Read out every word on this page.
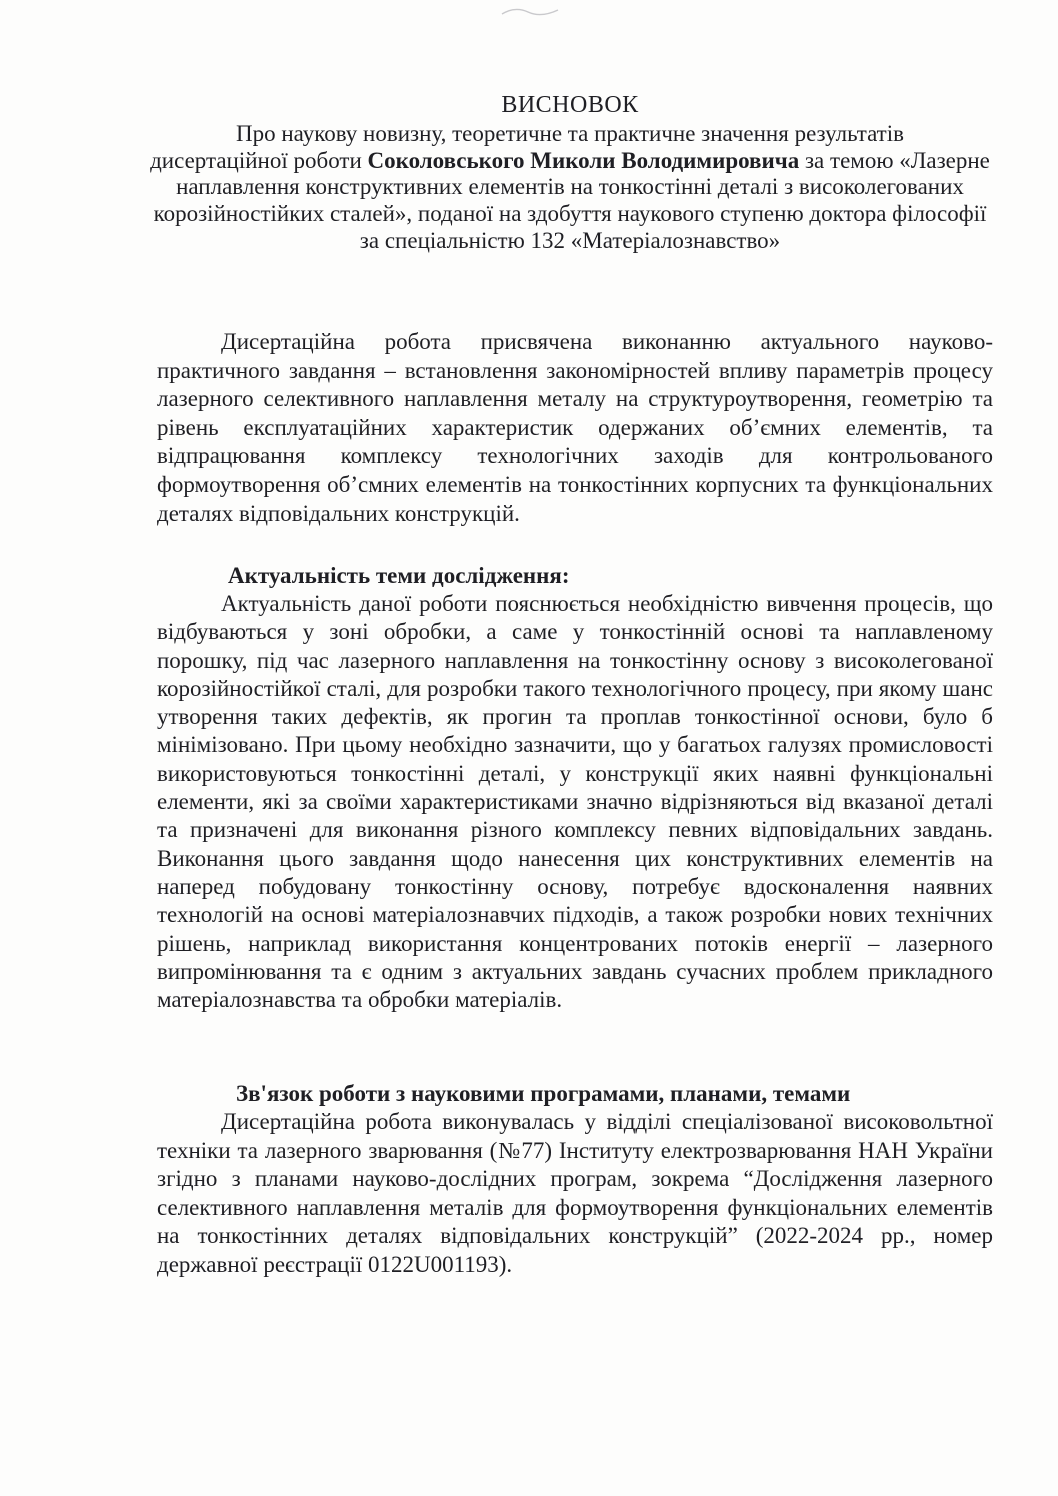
ВИСНОВОК
Про наукову новизну, теоретичне та практичне значення результатів
дисертаційної роботи Соколовського Миколи Володимировича за темою «Лазерне наплавлення конструктивних елементів на тонкостінні деталі з високолегованих корозійностійких сталей», поданої на здобуття наукового ступеню доктора філософії за спеціальністю 132 «Матеріалознавство»

Дисертаційна робота присвячена виконанню актуального науково-практичного завдання – встановлення закономірностей впливу параметрів процесу лазерного селективного наплавлення металу на структуроутворення, геометрію та рівень експлуатаційних характеристик одержаних об’ємних елементів, та відпрацювання комплексу технологічних заходів для контрольованого формоутворення об’смних елементів на тонкостінних корпусних та функціональних деталях відповідальних конструкцій.

Актуальність теми дослідження:

Актуальність даної роботи пояснюється необхідністю вивчення процесів, що відбуваються у зоні обробки, а саме у тонкостінній основі та наплавленому порошку, під час лазерного наплавлення на тонкостінну основу з високолегованої корозійностійкої сталі, для розробки такого технологічного процесу, при якому шанс утворення таких дефектів, як прогин та проплав тонкостінної основи, було б мінімізовано. При цьому необхідно зазначити, що у багатьох галузях промисловості використовуються тонкостінні деталі, у конструкції яких наявні функціональні елементи, які за своїми характеристиками значно відрізняються від вказаної деталі та призначені для виконання різного комплексу певних відповідальних завдань. Виконання цього завдання щодо нанесення цих конструктивних елементів на наперед побудовану тонкостінну основу, потребує вдосконалення наявних технологій на основі матеріалознавчих підходів, а також розробки нових технічних рішень, наприклад використання концентрованих потоків енергії – лазерного випромінювання та є одним з актуальних завдань сучасних проблем прикладного матеріалознавства та обробки матеріалів.

Зв'язок роботи з науковими програмами, планами, темами

Дисертаційна робота виконувалась у відділі спеціалізованої високовольтної техніки та лазерного зварювання (№77) Інституту електрозварювання НАН України згідно з планами науково-дослідних програм, зокрема “Дослідження лазерного селективного наплавлення металів для формоутворення функціональних елементів на тонкостінних деталях відповідальних конструкцій” (2022-2024 рр., номер державної реєстрації 0122U001193).
